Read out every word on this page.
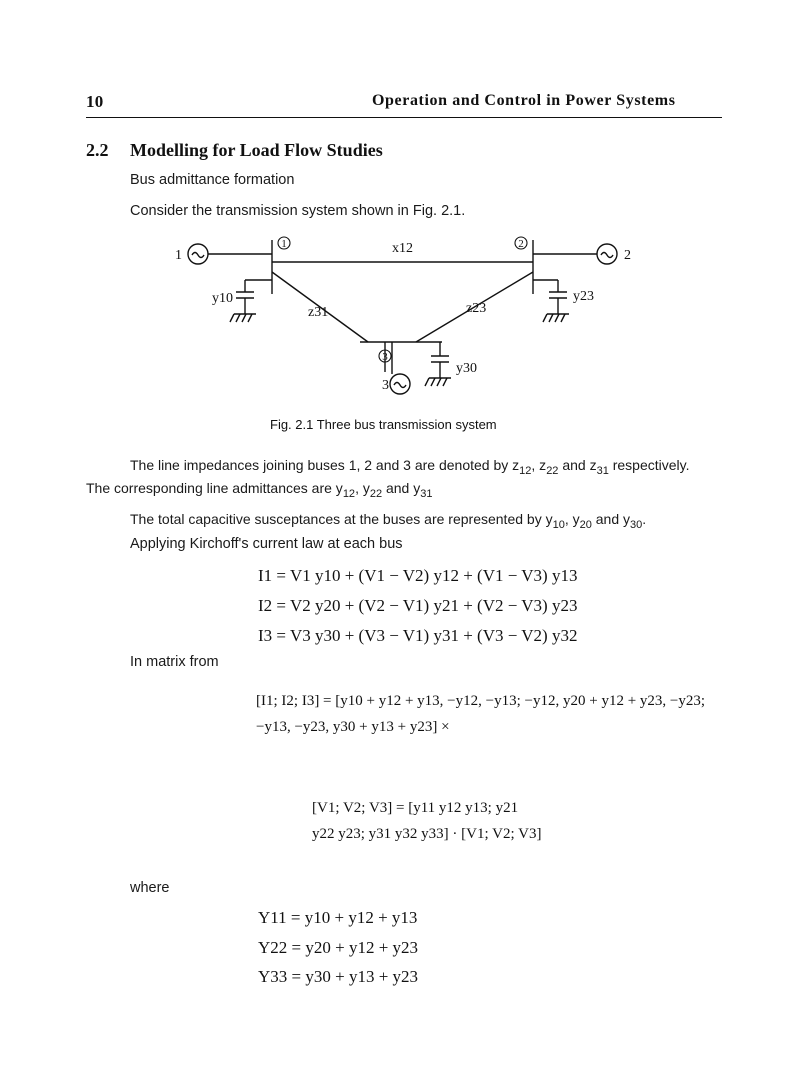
10	Operation and Control in Power Systems
2.2 Modelling for Load Flow Studies
Bus admittance formation
Consider the transmission system shown in Fig. 2.1.
1	2
3
1	2
3
x12
z31	z23
y10	y23
y30
Fig. 2.1 Three bus transmission system
The line impedances joining buses 1, 2 and 3 are denoted by $z_{12}$, $z_{22}$ and $z_{31}$ respectively.
The corresponding line admittances are $y_{12}$, $y_{22}$ and $y_{31}$
The total capacitive susceptances at the buses are represented by $y_{10}$, $y_{20}$ and $y_{30}$.
Applying Kirchoff's current law at each bus
I1 = V1 y10 + (V1 − V2) y12 + (V1 − V3) y13
I2 = V2 y20 + (V2 − V1) y21 + (V2 − V3) y23
I3 = V3 y30 + (V3 − V1) y31 + (V3 − V2) y32
In matrix from
[I1; I2; I3] = [y10 + y12 + y13, −y12, −y13; −y12, y20 + y12 + y23, −y23; −y13, −y23, y30 + y13 + y23] ×
[V1; V2; V3] = [y11 y12 y13; y21 y22 y23; y31 y32 y33] · [V1; V2; V3]
where
Y11 = y10 + y12 + y13
Y22 = y20 + y12 + y23
Y33 = y30 + y13 + y23
